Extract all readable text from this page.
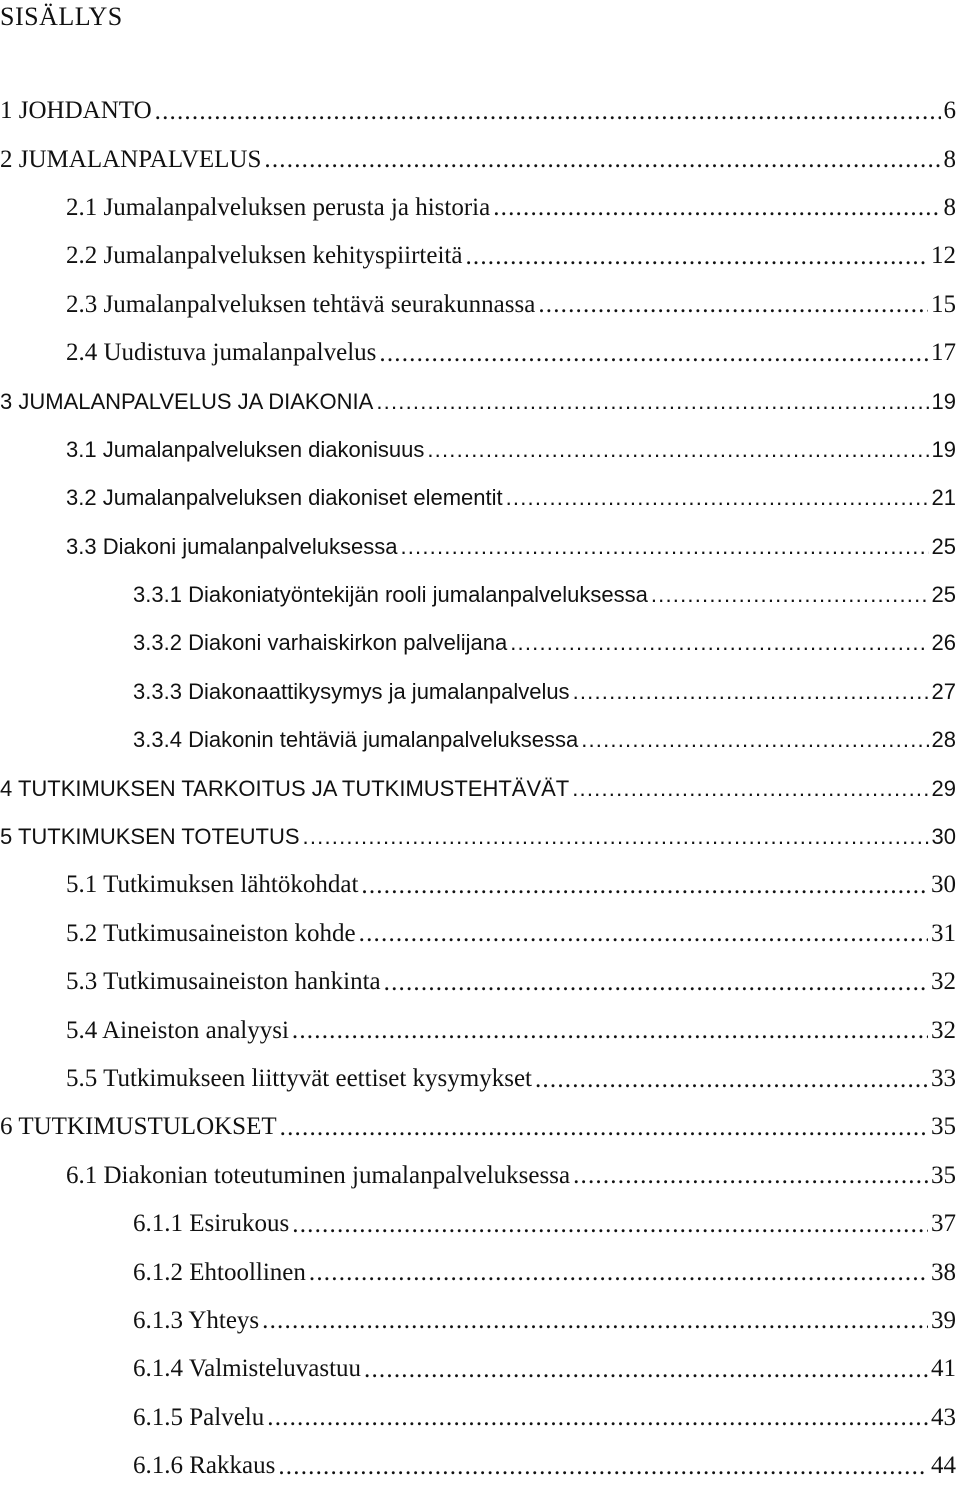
SISÄLLYS
1 JOHDANTO .....	6
2 JUMALANPALVELUS .....	8
2.1 Jumalanpalveluksen perusta ja historia .....	8
2.2 Jumalanpalveluksen kehityspiirteitä .....	12
2.3 Jumalanpalveluksen tehtävä seurakunnassa .....	15
2.4 Uudistuva jumalanpalvelus .....	17
3 JUMALANPALVELUS JA DIAKONIA .....	19
3.1 Jumalanpalveluksen diakonisuus .....	19
3.2 Jumalanpalveluksen diakoniset elementit .....	21
3.3 Diakoni jumalanpalveluksessa .....	25
3.3.1 Diakoniatyöntekijän rooli jumalanpalveluksessa .....	25
3.3.2 Diakoni varhaiskirkon palvelijana .....	26
3.3.3 Diakonaattikysymys ja jumalanpalvelus .....	27
3.3.4 Diakonin tehtäviä jumalanpalveluksessa .....	28
4 TUTKIMUKSEN TARKOITUS JA TUTKIMUSTEHTÄVÄT .....	29
5 TUTKIMUKSEN TOTEUTUS .....	30
5.1 Tutkimuksen lähtökohdat .....	30
5.2 Tutkimusaineiston kohde .....	31
5.3 Tutkimusaineiston hankinta .....	32
5.4 Aineiston analyysi .....	32
5.5 Tutkimukseen liittyvät eettiset kysymykset .....	33
6 TUTKIMUSTULOKSET .....	35
6.1 Diakonian toteutuminen jumalanpalveluksessa .....	35
6.1.1 Esirukous .....	37
6.1.2 Ehtoollinen .....	38
6.1.3 Yhteys .....	39
6.1.4 Valmisteluvastuu .....	41
6.1.5 Palvelu .....	43
6.1.6 Rakkaus .....	44
